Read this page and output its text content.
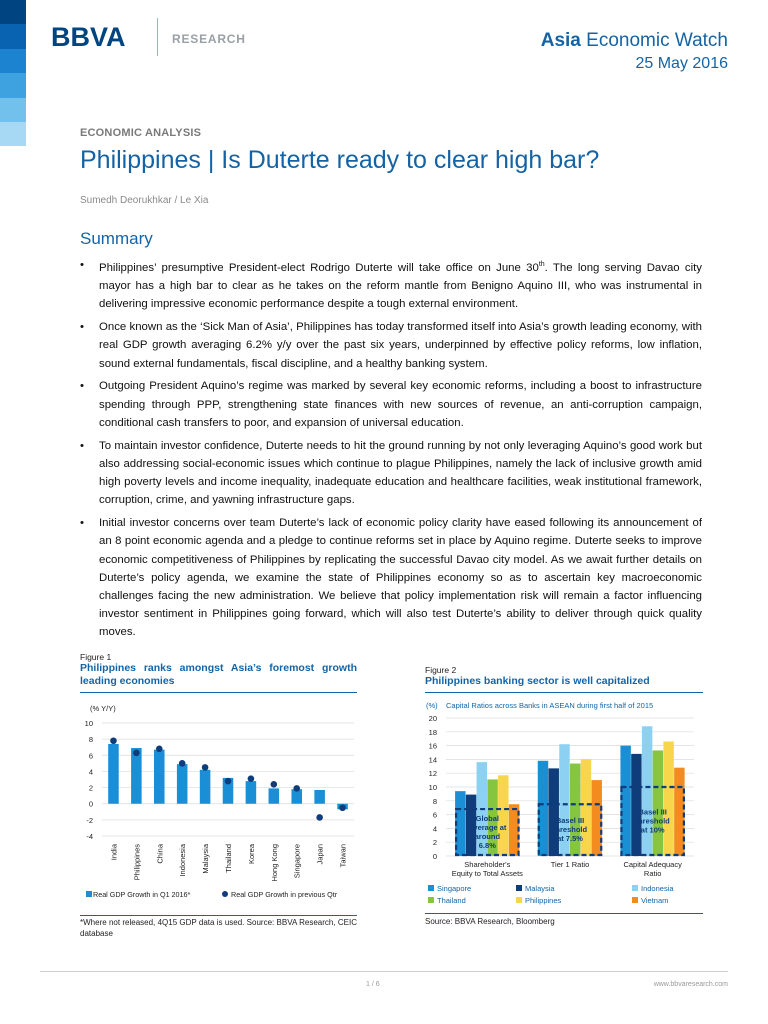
BBVA	RESEARCH	Asia Economic Watch
25 May 2016
ECONOMIC ANALYSIS
Philippines | Is Duterte ready to clear high bar?
Sumedh Deorukhkar / Le Xia
Summary
• Philippines’ presumptive President-elect Rodrigo Duterte will take office on June 30th. The long serving Davao city mayor has a high bar to clear as he takes on the reform mantle from Benigno Aquino III, who was instrumental in delivering impressive economic performance despite a tough external environment.
• Once known as the ‘Sick Man of Asia’, Philippines has today transformed itself into Asia’s growth leading economy, with real GDP growth averaging 6.2% y/y over the past six years, underpinned by effective policy reforms, low inflation, sound external fundamentals, fiscal discipline, and a healthy banking system.
• Outgoing President Aquino’s regime was marked by several key economic reforms, including a boost to infrastructure spending through PPP, strengthening state finances with new sources of revenue, an anti-corruption campaign, conditional cash transfers to poor, and expansion of universal education.
• To maintain investor confidence, Duterte needs to hit the ground running by not only leveraging Aquino’s good work but also addressing social-economic issues which continue to plague Philippines, namely the lack of inclusive growth amid high poverty levels and income inequality, inadequate education and healthcare facilities, weak institutional framework, corruption, crime, and yawning infrastructure gaps.
• Initial investor concerns over team Duterte’s lack of economic policy clarity have eased following its announcement of an 8 point economic agenda and a pledge to continue reforms set in place by Aquino regime. Duterte seeks to improve economic competitiveness of Philippines by replicating the successful Davao city model. As we await further details on Duterte’s policy agenda, we examine the state of Philippines economy so as to ascertain key macroeconomic challenges facing the new administration. We believe that policy implementation risk will remain a factor influencing investor sentiment in Philippines going forward, which will also test Duterte’s ability to deliver through quick quality moves.
Figure 1
Philippines ranks amongst Asia’s foremost growth leading economies
(% Y/Y)
-4
-2
0
2
4
6
8
10
India Philippines China Indonesia Malaysia Thailand Korea Hong Kong Singapore Japan Taiwan
Real GDP Growth in Q1 2016*	Real GDP Growth in previous Qtr
*Where not released, 4Q15 GDP data is used. Source: BBVA Research, CEIC database
Figure 2
Philippines banking sector is well capitalized
(%) Capital Ratios across Banks in ASEAN during first half of 2015
0
2
4
6
8
10
12
14
16
18
20
Global
Average at
around
6.8%
Shareholder's
Equity to Total Assets
Basel III
threshold
at 7.5%
Tier 1 Ratio
Basel III
threshold
at 10%
Capital Adequacy
Ratio
Singapore	Malaysia	Indonesia
Thailand	Philippines	Vietnam
Source: BBVA Research, Bloomberg
1 / 6	www.bbvaresearch.com
